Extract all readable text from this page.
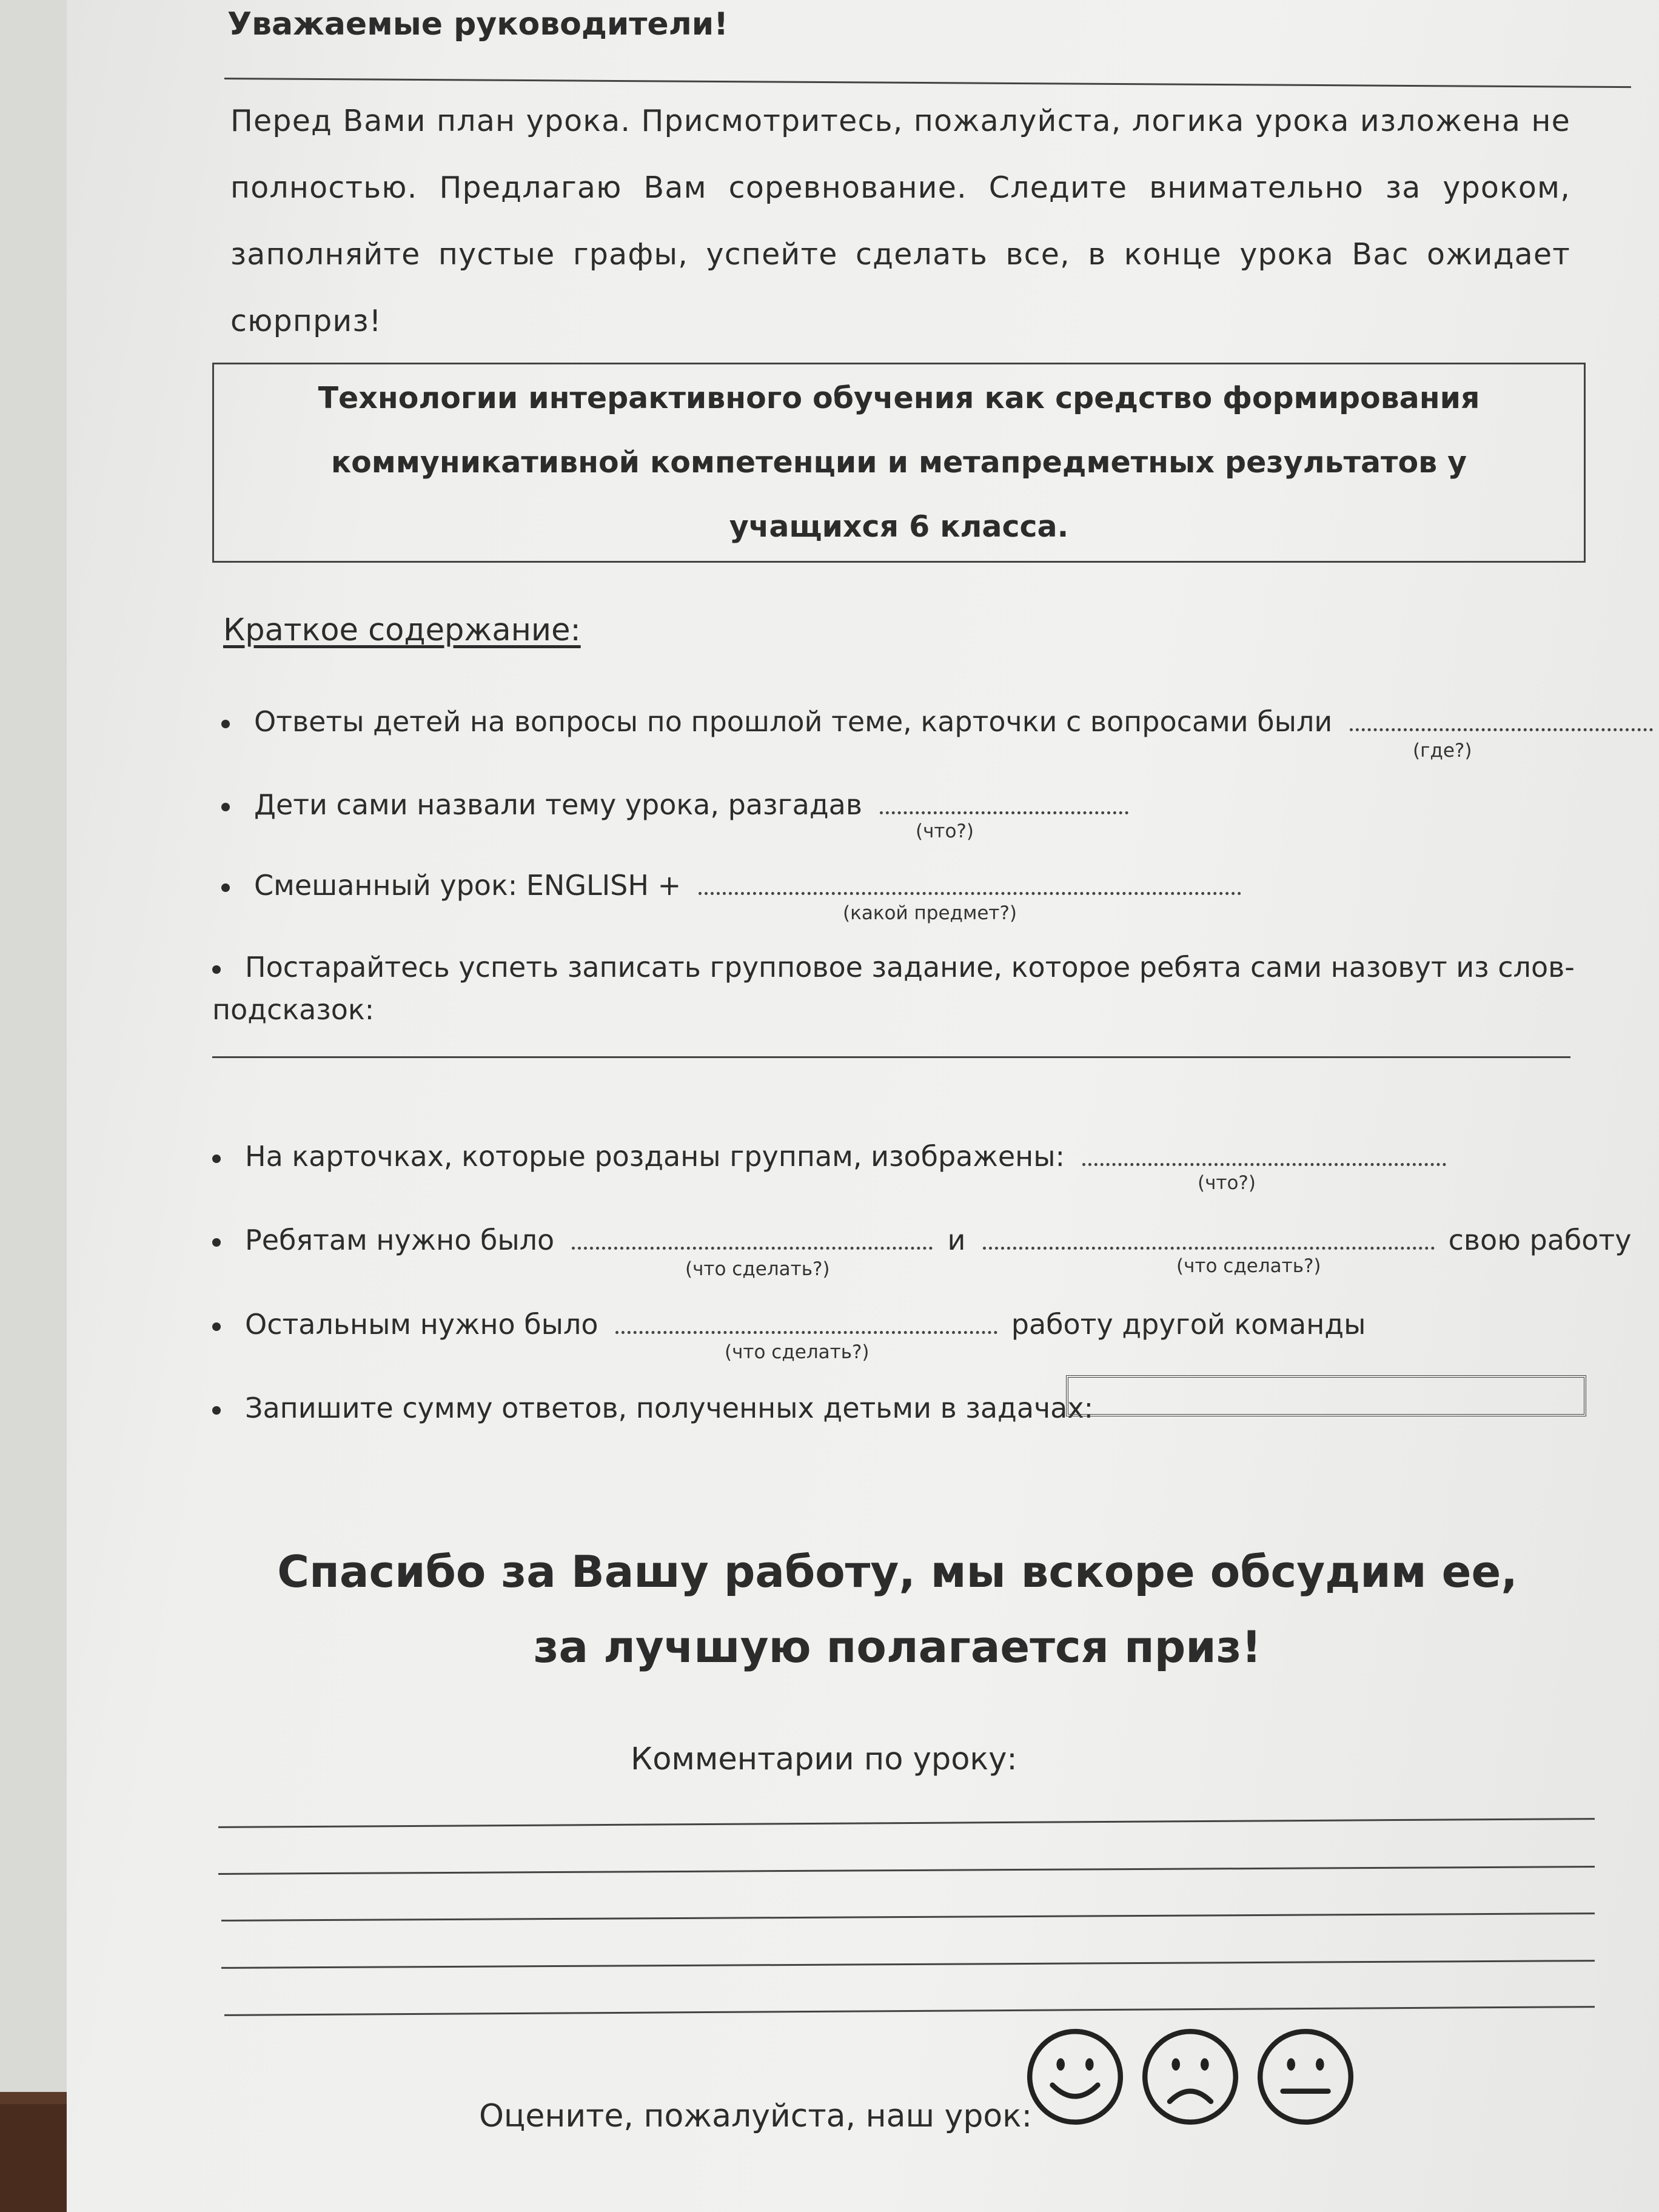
Уважаемые руководители!
Перед Вами план урока. Присмотритесь, пожалуйста, логика урока изложена не полностью. Предлагаю Вам соревнование. Следите внимательно за уроком, заполняйте пустые графы, успейте сделать все, в конце урока Вас ожидает сюрприз!
Технологии интерактивного обучения как средство формирования коммуникативной компетенции и метапредметных результатов у учащихся 6 класса.
Краткое содержание:
Ответы детей на вопросы по прошлой теме, карточки с вопросами были
(где?)
Дети сами назвали тему урока, разгадав
(что?)
Смешанный урок: ENGLISH +
(какой предмет?)
Постарайтесь успеть записать групповое задание, которое ребята сами назовут из слов-
подсказок:
На карточках, которые розданы группам, изображены:
(что?)
Ребятам нужно было	и	свою работу
(что сделать?)	(что сделать?)
Остальным нужно было	работу другой команды
(что сделать?)
Запишите сумму ответов, полученных детьми в задачах:
Спасибо за Вашу работу, мы вскоре обсудим ее,
за лучшую полагается приз!
Комментарии по уроку:
Оцените, пожалуйста, наш урок:
